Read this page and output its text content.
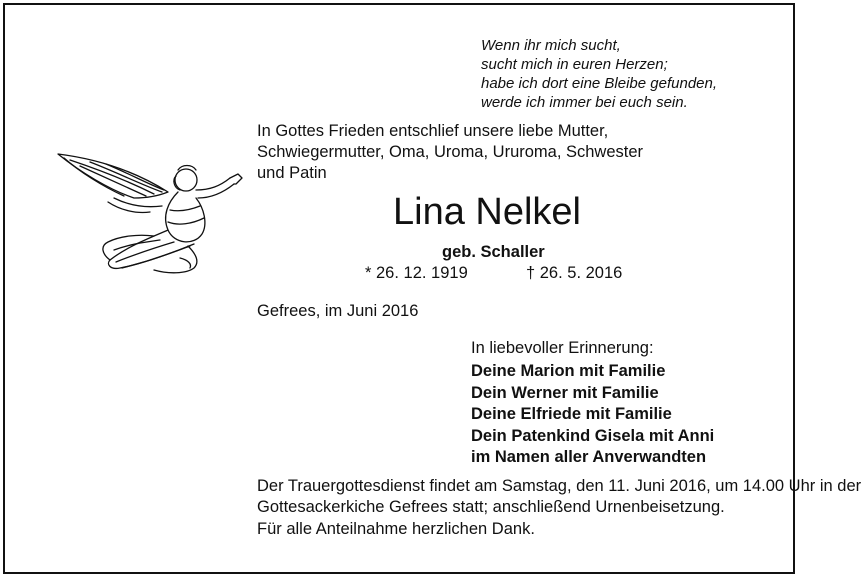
Wenn ihr mich sucht,
sucht mich in euren Herzen;
habe ich dort eine Bleibe gefunden,
werde ich immer bei euch sein.
In Gottes Frieden entschlief unsere liebe Mutter,
Schwiegermutter, Oma, Uroma, Ururoma, Schwester
und Patin
Lina Nelkel
geb. Schaller
* 26. 12. 1919	† 26. 5. 2016
Gefrees, im Juni 2016
In liebevoller Erinnerung:
Deine Marion mit Familie
Dein Werner mit Familie
Deine Elfriede mit Familie
Dein Patenkind Gisela mit Anni
im Namen aller Anverwandten
Der Trauergottesdienst findet am Samstag, den 11. Juni 2016, um 14.00 Uhr in der
Gottesackerkiche Gefrees statt; anschließend Urnenbeisetzung.
Für alle Anteilnahme herzlichen Dank.
